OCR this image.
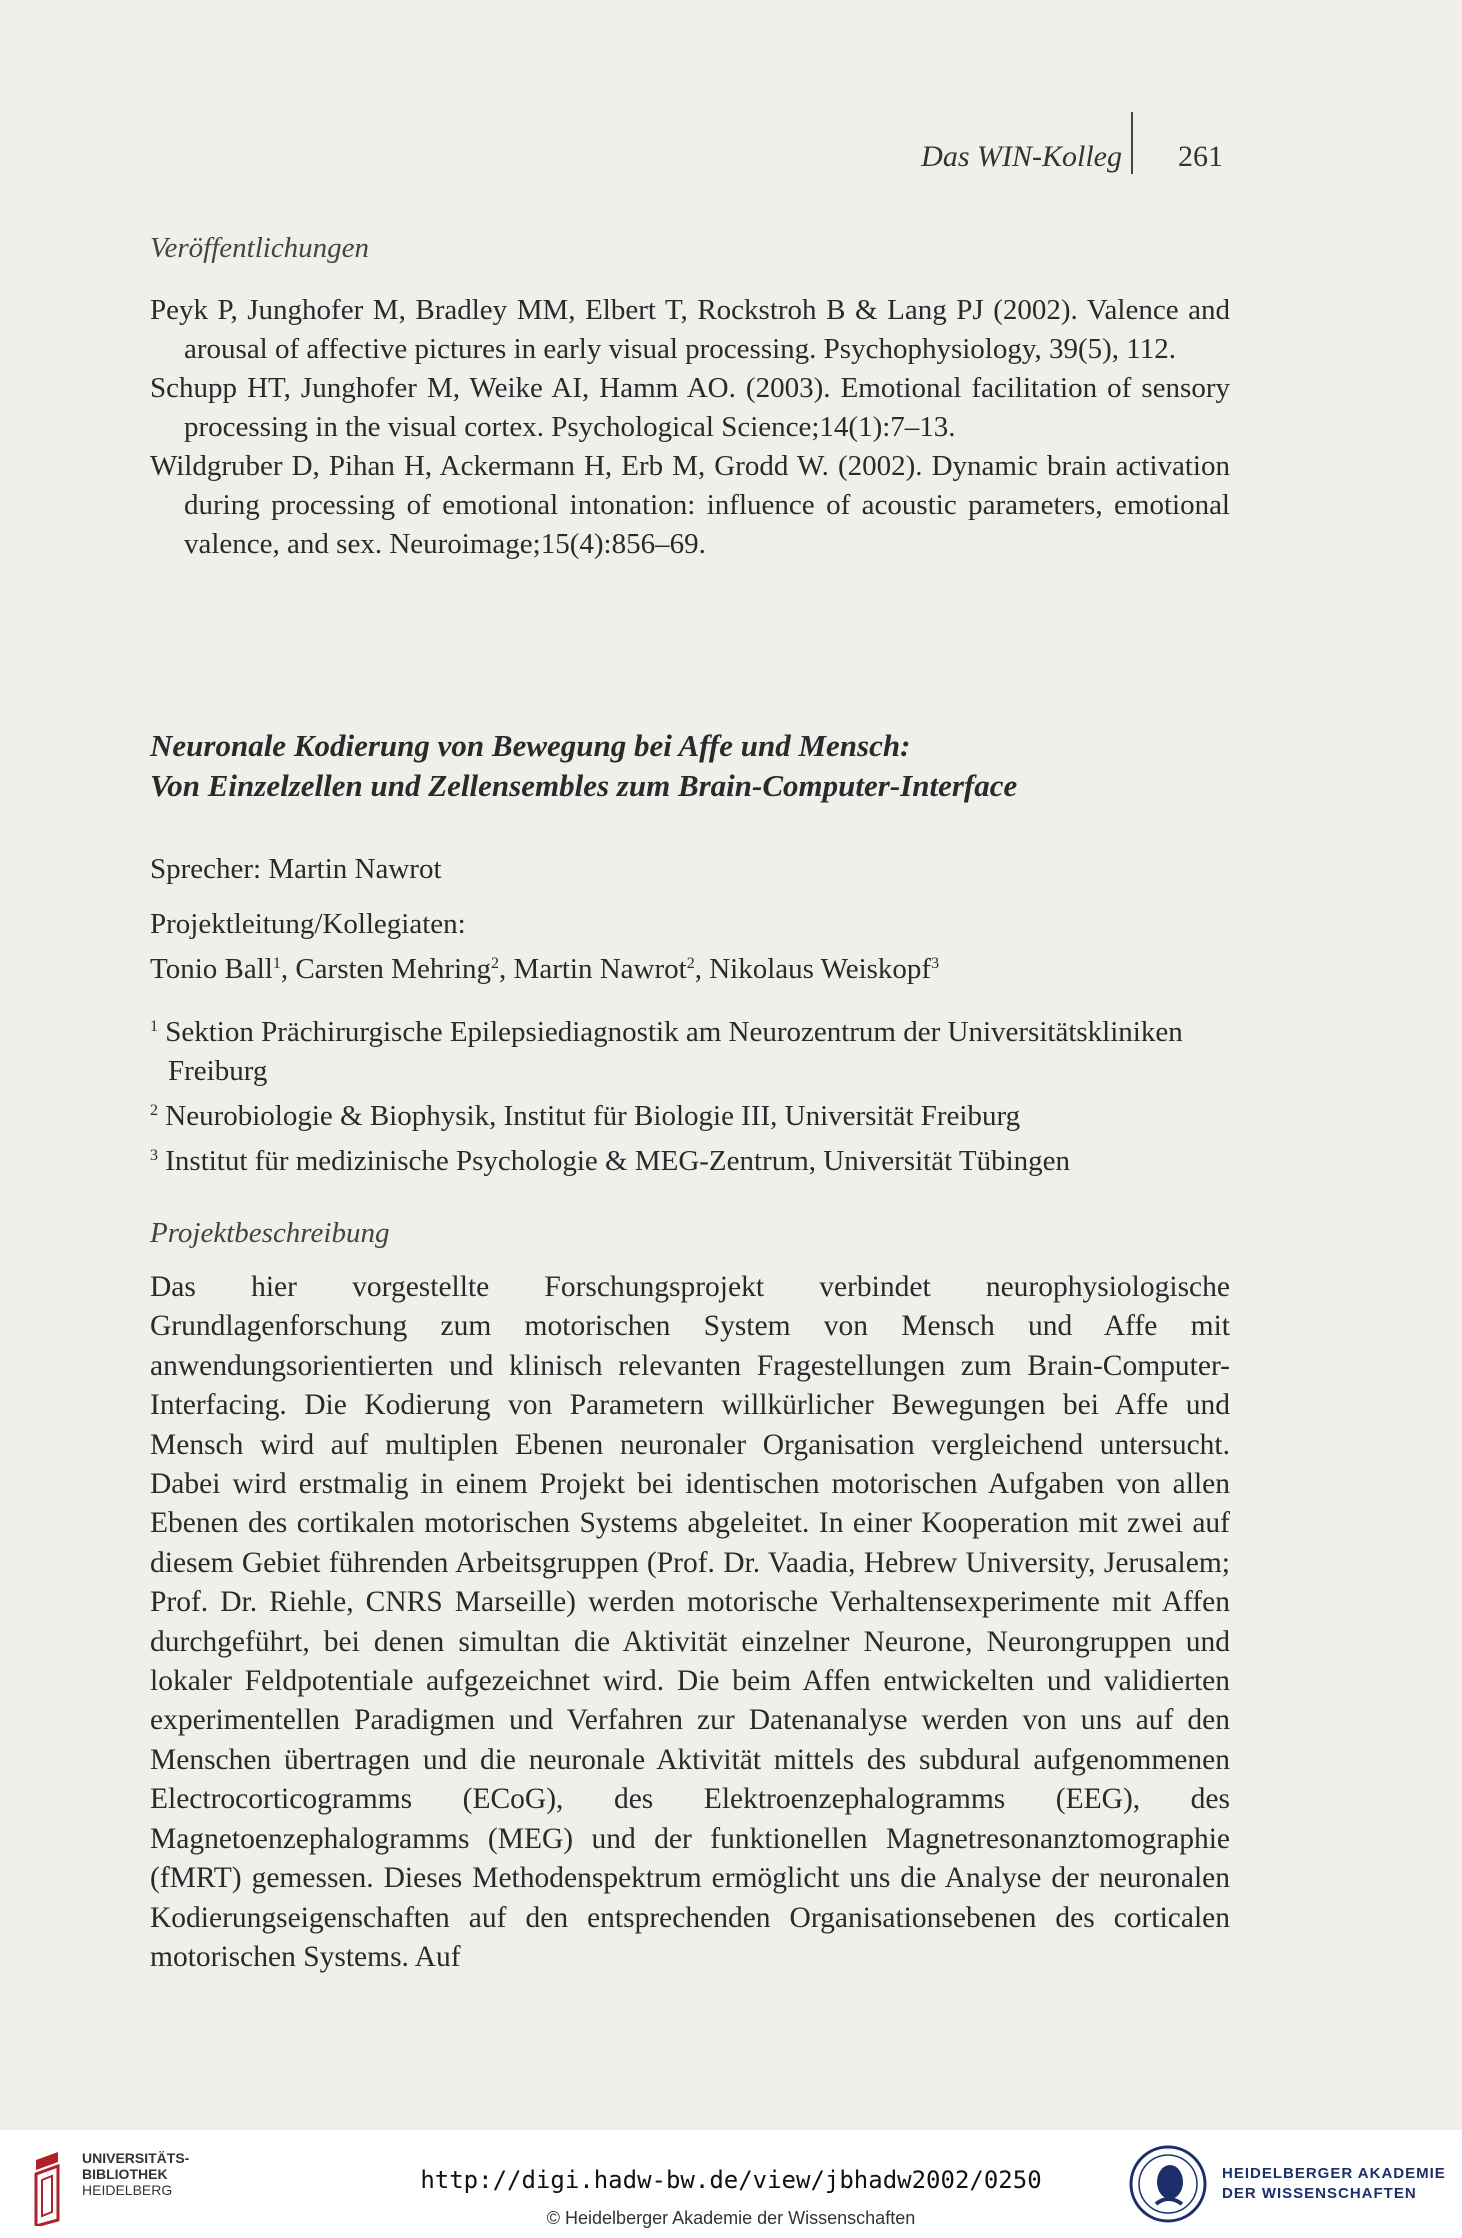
Das WIN-Kolleg 261
Veröffentlichungen
Peyk P, Junghofer M, Bradley MM, Elbert T, Rockstroh B & Lang PJ (2002). Valence and arousal of affective pictures in early visual processing. Psychophysiology, 39(5), 112.
Schupp HT, Junghofer M, Weike AI, Hamm AO. (2003). Emotional facilitation of sensory processing in the visual cortex. Psychological Science;14(1):7–13.
Wildgruber D, Pihan H, Ackermann H, Erb M, Grodd W. (2002). Dynamic brain activation during processing of emotional intonation: influence of acoustic parameters, emotional valence, and sex. Neuroimage;15(4):856–69.
Neuronale Kodierung von Bewegung bei Affe und Mensch:
Von Einzelzellen und Zellensembles zum Brain-Computer-Interface
Sprecher: Martin Nawrot
Projektleitung/Kollegiaten:
Tonio Ball$^1$, Carsten Mehring$^2$, Martin Nawrot$^2$, Nikolaus Weiskopf$^3$
$^1$ Sektion Prächirurgische Epilepsiediagnostik am Neurozentrum der Universitätskliniken Freiburg
$^2$ Neurobiologie & Biophysik, Institut für Biologie III, Universität Freiburg
$^3$ Institut für medizinische Psychologie & MEG-Zentrum, Universität Tübingen
Projektbeschreibung
Das hier vorgestellte Forschungsprojekt verbindet neurophysiologische Grundlagenforschung zum motorischen System von Mensch und Affe mit anwendungsorientierten und klinisch relevanten Fragestellungen zum Brain-Computer-Interfacing. Die Kodierung von Parametern willkürlicher Bewegungen bei Affe und Mensch wird auf multiplen Ebenen neuronaler Organisation vergleichend untersucht. Dabei wird erstmalig in einem Projekt bei identischen motorischen Aufgaben von allen Ebenen des cortikalen motorischen Systems abgeleitet. In einer Kooperation mit zwei auf diesem Gebiet führenden Arbeitsgruppen (Prof. Dr. Vaadia, Hebrew University, Jerusalem; Prof. Dr. Riehle, CNRS Marseille) werden motorische Verhaltensexperimente mit Affen durchgeführt, bei denen simultan die Aktivität einzelner Neurone, Neurongruppen und lokaler Feldpotentiale aufgezeichnet wird. Die beim Affen entwickelten und validierten experimentellen Paradigmen und Verfahren zur Datenanalyse werden von uns auf den Menschen übertragen und die neuronale Aktivität mittels des subdural aufgenommenen Electrocorticogramms (ECoG), des Elektroenzephalogramms (EEG), des Magnetoenzephalogramms (MEG) und der funktionellen Magnetresonanztomographie (fMRT) gemessen. Dieses Methodenspektrum ermöglicht uns die Analyse der neuronalen Kodierungseigenschaften auf den entsprechenden Organisationsebenen des corticalen motorischen Systems. Auf
UNIVERSITÄTS-
BIBLIOTHEK
HEIDELBERG	http://digi.hadw-bw.de/view/jbhadw2002/0250
© Heidelberger Akademie der Wissenschaften
HEIDELBERGER AKADEMIE
DER WISSENSCHAFTEN
